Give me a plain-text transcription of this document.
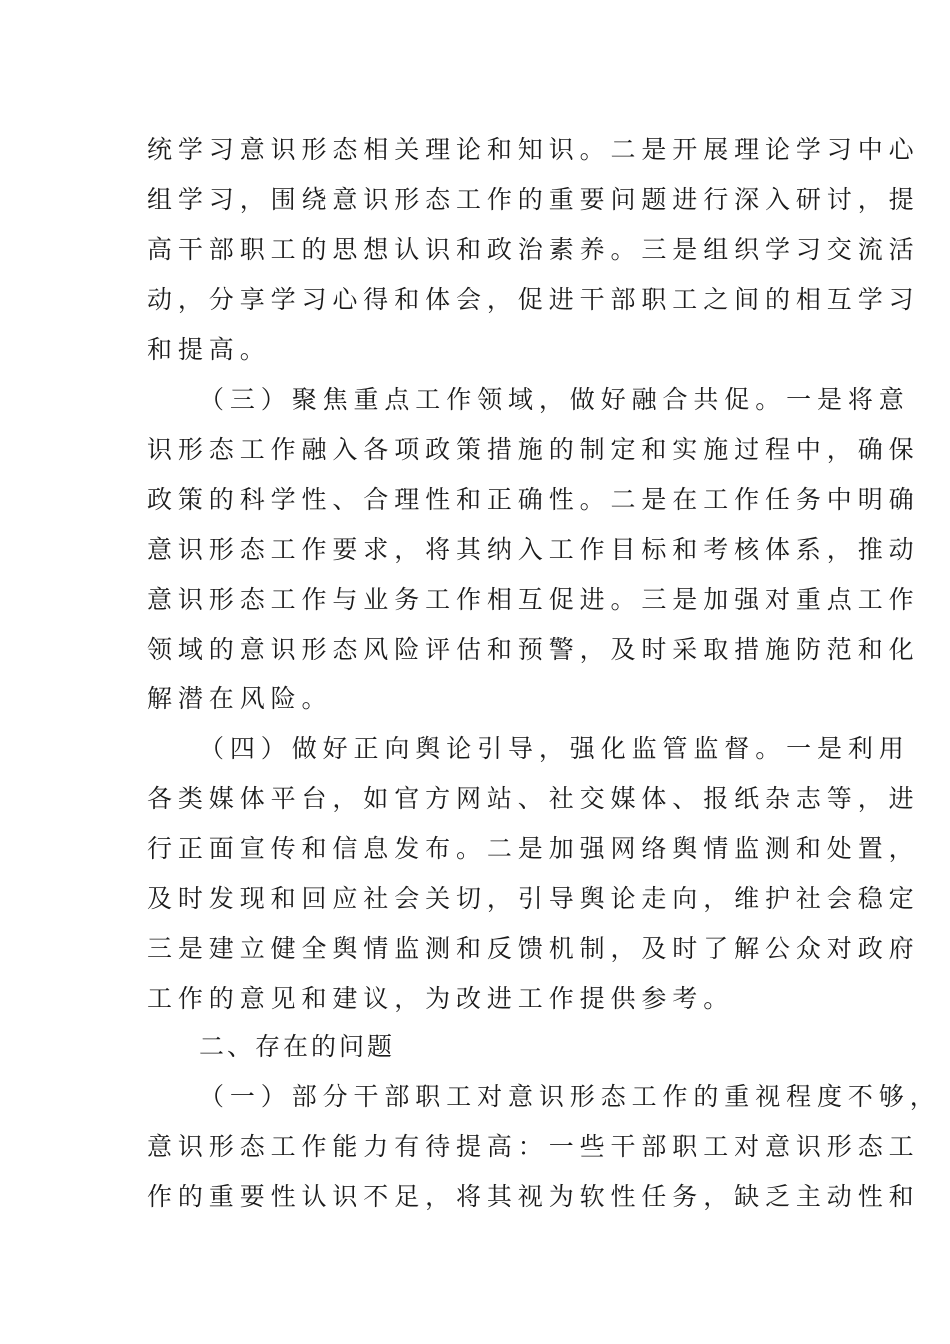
统学习意识形态相关理论和知识。二是开展理论学习中心
组学习，围绕意识形态工作的重要问题进行深入研讨，提
高干部职工的思想认识和政治素养。三是组织学习交流活
动，分享学习心得和体会，促进干部职工之间的相互学习
和提高。
（三）聚焦重点工作领域，做好融合共促。一是将意
识形态工作融入各项政策措施的制定和实施过程中，确保
政策的科学性、合理性和正确性。二是在工作任务中明确
意识形态工作要求，将其纳入工作目标和考核体系，推动
意识形态工作与业务工作相互促进。三是加强对重点工作
领域的意识形态风险评估和预警，及时采取措施防范和化
解潜在风险。
（四）做好正向舆论引导，强化监管监督。一是利用
各类媒体平台，如官方网站、社交媒体、报纸杂志等，进
行正面宣传和信息发布。二是加强网络舆情监测和处置，
及时发现和回应社会关切，引导舆论走向，维护社会稳定
三是建立健全舆情监测和反馈机制，及时了解公众对政府
工作的意见和建议，为改进工作提供参考。
二、存在的问题
（一）部分干部职工对意识形态工作的重视程度不够，
意识形态工作能力有待提高：一些干部职工对意识形态工
作的重要性认识不足，将其视为软性任务，缺乏主动性和
